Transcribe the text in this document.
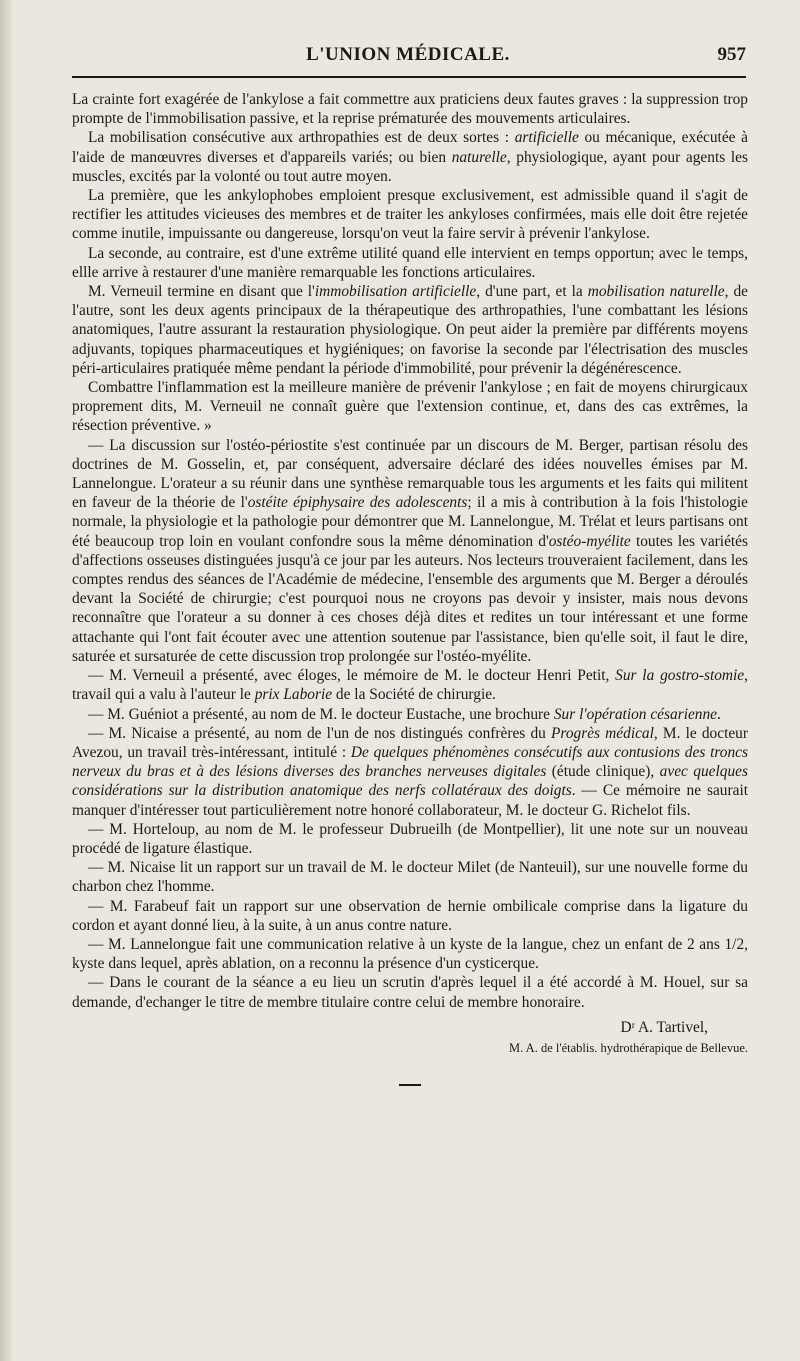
L'UNION MÉDICALE.	957

La crainte fort exagérée de l'ankylose a fait commettre aux praticiens deux fautes graves : la suppression trop prompte de l'immobilisation passive, et la reprise prématurée des mouvements articulaires.

La mobilisation consécutive aux arthropathies est de deux sortes : artificielle ou mécanique, exécutée à l'aide de manœuvres diverses et d'appareils variés; ou bien naturelle, physiologique, ayant pour agents les muscles, excités par la volonté ou tout autre moyen.

La première, que les ankylophobes emploient presque exclusivement, est admissible quand il s'agit de rectifier les attitudes vicieuses des membres et de traiter les ankyloses confirmées, mais elle doit être rejetée comme inutile, impuissante ou dangereuse, lorsqu'on veut la faire servir à prévenir l'ankylose.

La seconde, au contraire, est d'une extrême utilité quand elle intervient en temps opportun; avec le temps, ellle arrive à restaurer d'une manière remarquable les fonctions articulaires.

M. Verneuil termine en disant que l'immobilisation artificielle, d'une part, et la mobilisation naturelle, de l'autre, sont les deux agents principaux de la thérapeutique des arthropathies, l'une combattant les lésions anatomiques, l'autre assurant la restauration physiologique. On peut aider la première par différents moyens adjuvants, topiques pharmaceutiques et hygiéniques; on favorise la seconde par l'électrisation des muscles péri-articulaires pratiquée même pendant la période d'immobilité, pour prévenir la dégénérescence.

Combattre l'inflammation est la meilleure manière de prévenir l'ankylose ; en fait de moyens chirurgicaux proprement dits, M. Verneuil ne connaît guère que l'extension continue, et, dans des cas extrêmes, la résection préventive. »

— La discussion sur l'ostéo-périostite s'est continuée par un discours de M. Berger, partisan résolu des doctrines de M. Gosselin, et, par conséquent, adversaire déclaré des idées nouvelles émises par M. Lannelongue. L'orateur a su réunir dans une synthèse remarquable tous les arguments et les faits qui militent en faveur de la théorie de l'ostéite épiphysaire des adolescents; il a mis à contribution à la fois l'histologie normale, la physiologie et la pathologie pour démontrer que M. Lannelongue, M. Trélat et leurs partisans ont été beaucoup trop loin en voulant confondre sous la même dénomination d'ostéo-myélite toutes les variétés d'affections osseuses distinguées jusqu'à ce jour par les auteurs. Nos lecteurs trouveraient facilement, dans les comptes rendus des séances de l'Académie de médecine, l'ensemble des arguments que M. Berger a déroulés devant la Société de chirurgie; c'est pourquoi nous ne croyons pas devoir y insister, mais nous devons reconnaître que l'orateur a su donner à ces choses déjà dites et redites un tour intéressant et une forme attachante qui l'ont fait écouter avec une attention soutenue par l'assistance, bien qu'elle soit, il faut le dire, saturée et sursaturée de cette discussion trop prolongée sur l'ostéo-myélite.

— M. Verneuil a présenté, avec éloges, le mémoire de M. le docteur Henri Petit, Sur la gostro-stomie, travail qui a valu à l'auteur le prix Laborie de la Société de chirurgie.

— M. Guéniot a présenté, au nom de M. le docteur Eustache, une brochure Sur l'opération césarienne.

— M. Nicaise a présenté, au nom de l'un de nos distingués confrères du Progrès médical, M. le docteur Avezou, un travail très-intéressant, intitulé : De quelques phénomènes consécutifs aux contusions des troncs nerveux du bras et à des lésions diverses des branches nerveuses digitales (étude clinique), avec quelques considérations sur la distribution anatomique des nerfs collatéraux des doigts. — Ce mémoire ne saurait manquer d'intéresser tout particulièrement notre honoré collaborateur, M. le docteur G. Richelot fils.

— M. Horteloup, au nom de M. le professeur Dubrueilh (de Montpellier), lit une note sur un nouveau procédé de ligature élastique.

— M. Nicaise lit un rapport sur un travail de M. le docteur Milet (de Nanteuil), sur une nouvelle forme du charbon chez l'homme.

— M. Farabeuf fait un rapport sur une observation de hernie ombilicale comprise dans la ligature du cordon et ayant donné lieu, à la suite, à un anus contre nature.

— M. Lannelongue fait une communication relative à un kyste de la langue, chez un enfant de 2 ans 1/2, kyste dans lequel, après ablation, on a reconnu la présence d'un cysticerque.

— Dans le courant de la séance a eu lieu un scrutin d'après lequel il a été accordé à M. Houel, sur sa demande, d'echanger le titre de membre titulaire contre celui de membre honoraire.

Dʳ A. Tartivel,
M. A. de l'établis. hydrothérapique de Bellevue.
